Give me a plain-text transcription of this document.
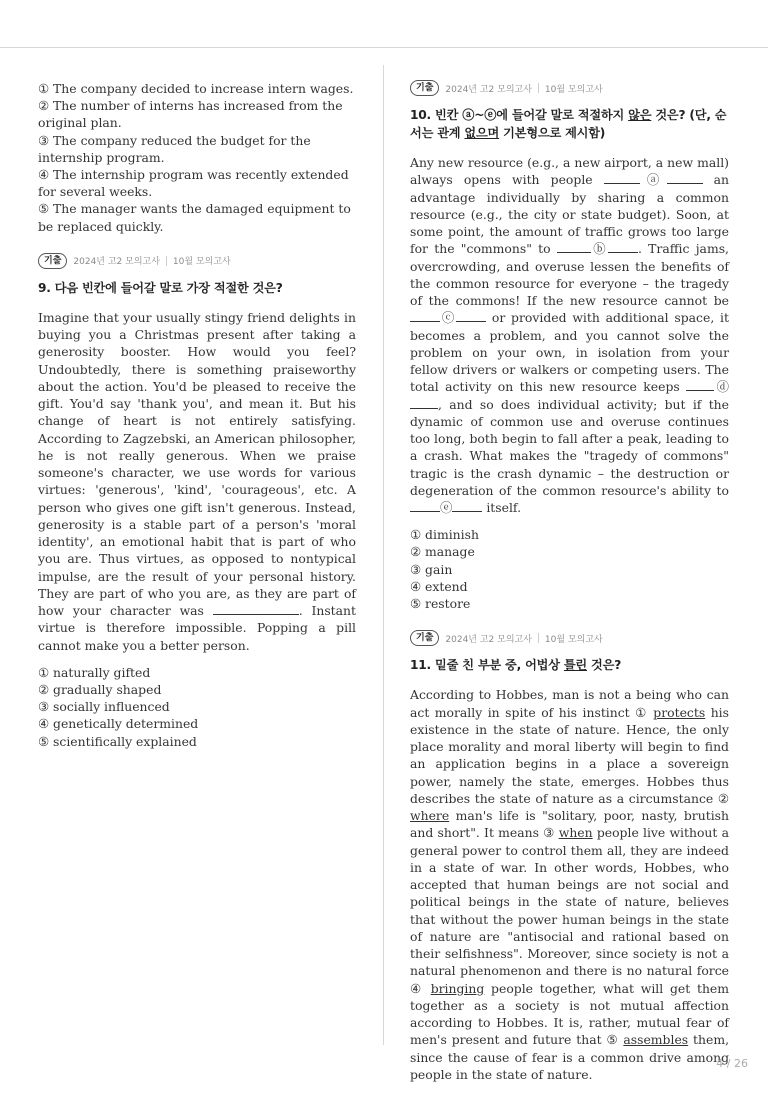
① The company decided to increase intern wages.
② The number of interns has increased from the original plan.
③ The company reduced the budget for the internship program.
④ The internship program was recently extended for several weeks.
⑤ The manager wants the damaged equipment to be replaced quickly.
기출	2024년 고2 모의고사 10월 모의고사
9. 다음 빈칸에 들어갈 말로 가장 적절한 것은?

Imagine that your usually stingy friend delights in buying you a Christmas present after taking a generosity booster. How would you feel? Undoubtedly, there is something praiseworthy about the action. You'd be pleased to receive the gift. You'd say 'thank you', and mean it. But his change of heart is not entirely satisfying. According to Zagzebski, an American philosopher, he is not really generous. When we praise someone's character, we use words for various virtues: 'generous', 'kind', 'courageous', etc. A person who gives one gift isn't generous. Instead, generosity is a stable part of a person's 'moral identity', an emotional habit that is part of who you are. Thus virtues, as opposed to nontypical impulse, are the result of your personal history. They are part of who you are, as they are part of how your character was	. Instant virtue is therefore impossible. Popping a pill cannot make you a better person.

① naturally gifted
② gradually shaped
③ socially influenced
④ genetically determined
⑤ scientifically explained
기출	2024년 고2 모의고사 10월 모의고사
10. 빈칸 ⓐ~ⓔ에 들어갈 말로 적절하지 않은 것은? (단, 순서는 관계 없으며 기본형으로 제시함)

Any new resource (e.g., a new airport, a new mall) always opens with people	ⓐ	an advantage individually by sharing a common resource (e.g., the city or state budget). Soon, at some point, the amount of traffic grows too large for the "commons" to	ⓑ . Traffic jams, overcrowding, and overuse lessen the benefits of the common resource for everyone – the tragedy of the commons! If the new resource cannot be ⓒ or provided with additional space, it becomes a problem, and you cannot solve the problem on your own, in isolation from your fellow drivers or walkers or competing users. The total activity on this new resource keeps ⓓ, and so does individual activity; but if the dynamic of common use and overuse continues too long, both begin to fall after a peak, leading to a crash. What makes the "tragedy of commons" tragic is the crash dynamic – the destruction or degeneration of the common resource's ability to ⓔ itself.

① diminish
② manage
③ gain
④ extend
⑤ restore
기출	2024년 고2 모의고사 10월 모의고사
11. 밑줄 친 부분 중, 어법상 틀린 것은?

According to Hobbes, man is not a being who can act morally in spite of his instinct ① protects his existence in the state of nature. Hence, the only place morality and moral liberty will begin to find an application begins in a place a sovereign power, namely the state, emerges. Hobbes thus describes the state of nature as a circumstance ② where man's life is "solitary, poor, nasty, brutish and short". It means ③ when people live without a general power to control them all, they are indeed in a state of war. In other words, Hobbes, who accepted that human beings are not social and political beings in the state of nature, believes that without the power human beings in the state of nature are "antisocial and rational based on their selfishness". Moreover, since society is not a natural phenomenon and there is no natural force ④ bringing people together, what will get them together as a society is not mutual affection according to Hobbes. It is, rather, mutual fear of men's present and future that ⑤ assembles them, since the cause of fear is a common drive among people in the state of nature.

4 / 26
